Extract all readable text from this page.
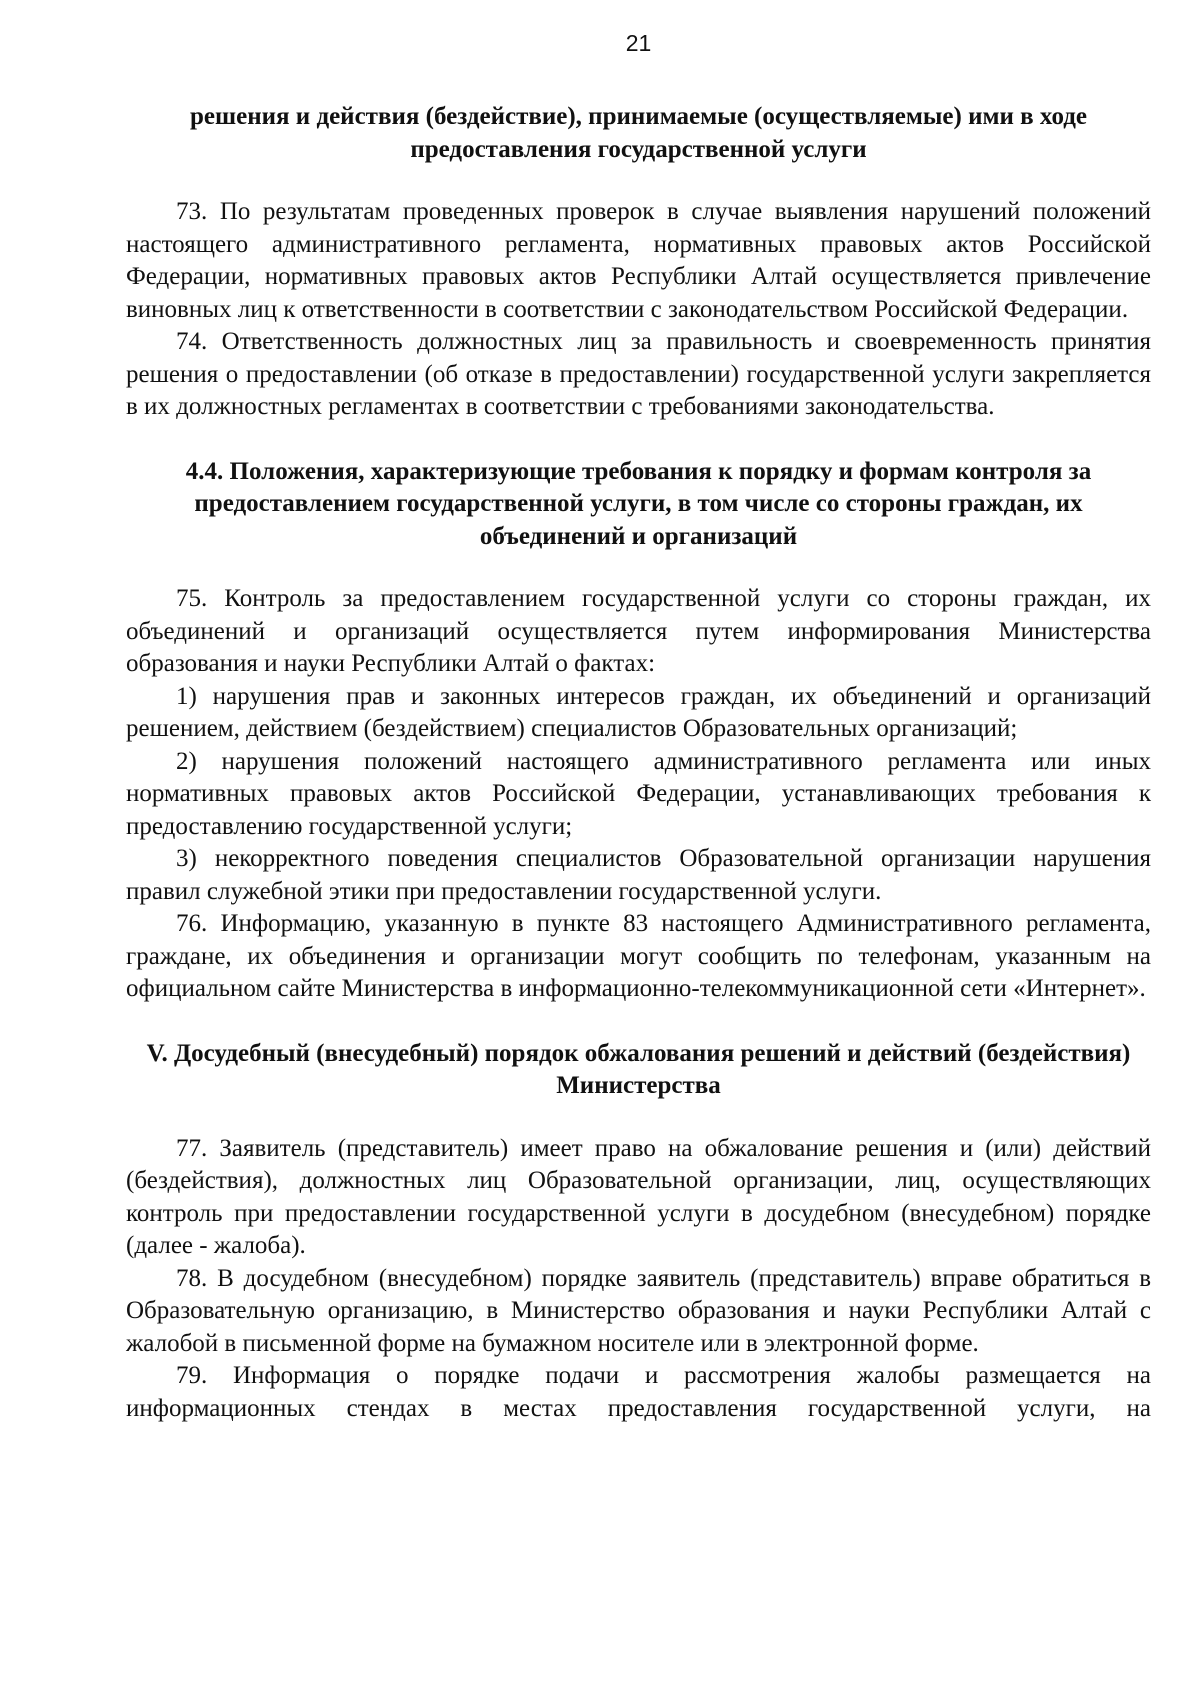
21

решения и действия (бездействие), принимаемые (осуществляемые) ими в ходе предоставления государственной услуги

73. По результатам проведенных проверок в случае выявления нарушений положений настоящего административного регламента, нормативных правовых актов Российской Федерации, нормативных правовых актов Республики Алтай осуществляется привлечение виновных лиц к ответственности в соответствии с законодательством Российской Федерации.

74. Ответственность должностных лиц за правильность и своевременность принятия решения о предоставлении (об отказе в предоставлении) государственной услуги закрепляется в их должностных регламентах в соответствии с требованиями законодательства.

4.4. Положения, характеризующие требования к порядку и формам контроля за предоставлением государственной услуги, в том числе со стороны граждан, их объединений и организаций

75. Контроль за предоставлением государственной услуги со стороны граждан, их объединений и организаций осуществляется путем информирования Министерства образования и науки Республики Алтай о фактах:

1) нарушения прав и законных интересов граждан, их объединений и организаций решением, действием (бездействием) специалистов Образовательных организаций;

2) нарушения положений настоящего административного регламента или иных нормативных правовых актов Российской Федерации, устанавливающих требования к предоставлению государственной услуги;

3) некорректного поведения специалистов Образовательной организации нарушения правил служебной этики при предоставлении государственной услуги.

76. Информацию, указанную в пункте 83 настоящего Административного регламента, граждане, их объединения и организации могут сообщить по телефонам, указанным на официальном сайте Министерства в информационно-телекоммуникационной сети «Интернет».

V. Досудебный (внесудебный) порядок обжалования решений и действий (бездействия) Министерства

77. Заявитель (представитель) имеет право на обжалование решения и (или) действий (бездействия), должностных лиц Образовательной организации, лиц, осуществляющих контроль при предоставлении государственной услуги в досудебном (внесудебном) порядке (далее - жалоба).

78. В досудебном (внесудебном) порядке заявитель (представитель) вправе обратиться в Образовательную организацию, в Министерство образования и науки Республики Алтай с жалобой в письменной форме на бумажном носителе или в электронной форме.

79. Информация о порядке подачи и рассмотрения жалобы размещается на информационных стендах в местах предоставления государственной услуги, на
